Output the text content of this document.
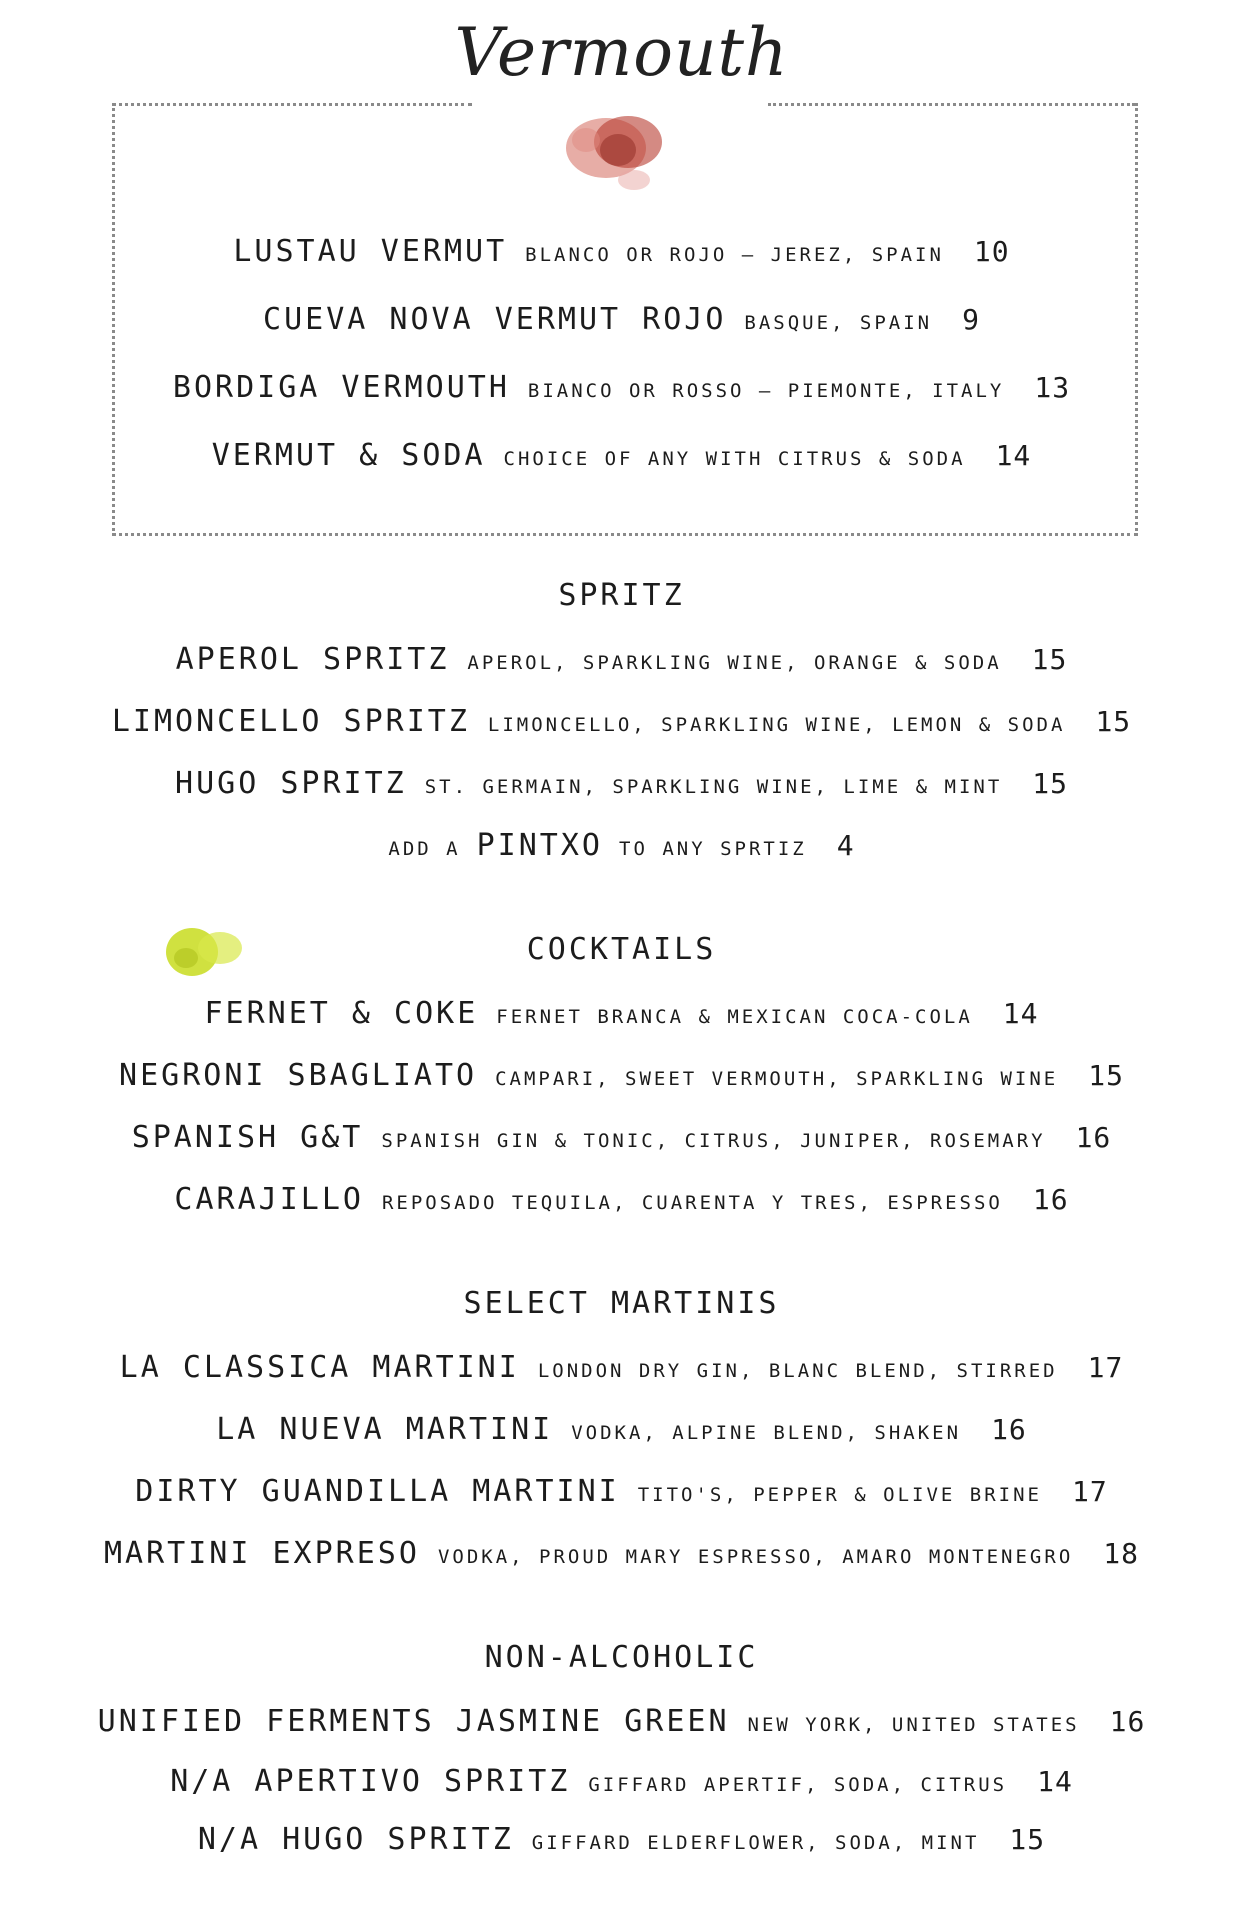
Vermouth
LUSTAU VERMUT BLANCO OR ROJO – JEREZ, SPAIN 10
CUEVA NOVA VERMUT ROJO BASQUE, SPAIN 9
BORDIGA VERMOUTH BIANCO OR ROSSO – PIEMONTE, ITALY 13
VERMUT & SODA CHOICE OF ANY WITH CITRUS & SODA 14
SPRITZ
APEROL SPRITZ APEROL, SPARKLING WINE, ORANGE & SODA 15
LIMONCELLO SPRITZ LIMONCELLO, SPARKLING WINE, LEMON & SODA 15
HUGO SPRITZ ST. GERMAIN, SPARKLING WINE, LIME & MINT 15
ADD A PINTXO TO ANY SPRTIZ 4
COCKTAILS
FERNET & COKE FERNET BRANCA & MEXICAN COCA-COLA 14
NEGRONI SBAGLIATO CAMPARI, SWEET VERMOUTH, SPARKLING WINE 15
SPANISH G&T SPANISH GIN & TONIC, CITRUS, JUNIPER, ROSEMARY 16
CARAJILLO REPOSADO TEQUILA, CUARENTA Y TRES, ESPRESSO 16
SELECT MARTINIS
LA CLASSICA MARTINI LONDON DRY GIN, BLANC BLEND, STIRRED 17
LA NUEVA MARTINI VODKA, ALPINE BLEND, SHAKEN 16
DIRTY GUANDILLA MARTINI TITO'S, PEPPER & OLIVE BRINE 17
MARTINI EXPRESO VODKA, PROUD MARY ESPRESSO, AMARO MONTENEGRO 18
NON-ALCOHOLIC
UNIFIED FERMENTS JASMINE GREEN NEW YORK, UNITED STATES 16
N/A APERTIVO SPRITZ GIFFARD APERTIF, SODA, CITRUS 14
N/A HUGO SPRITZ GIFFARD ELDERFLOWER, SODA, MINT 15
